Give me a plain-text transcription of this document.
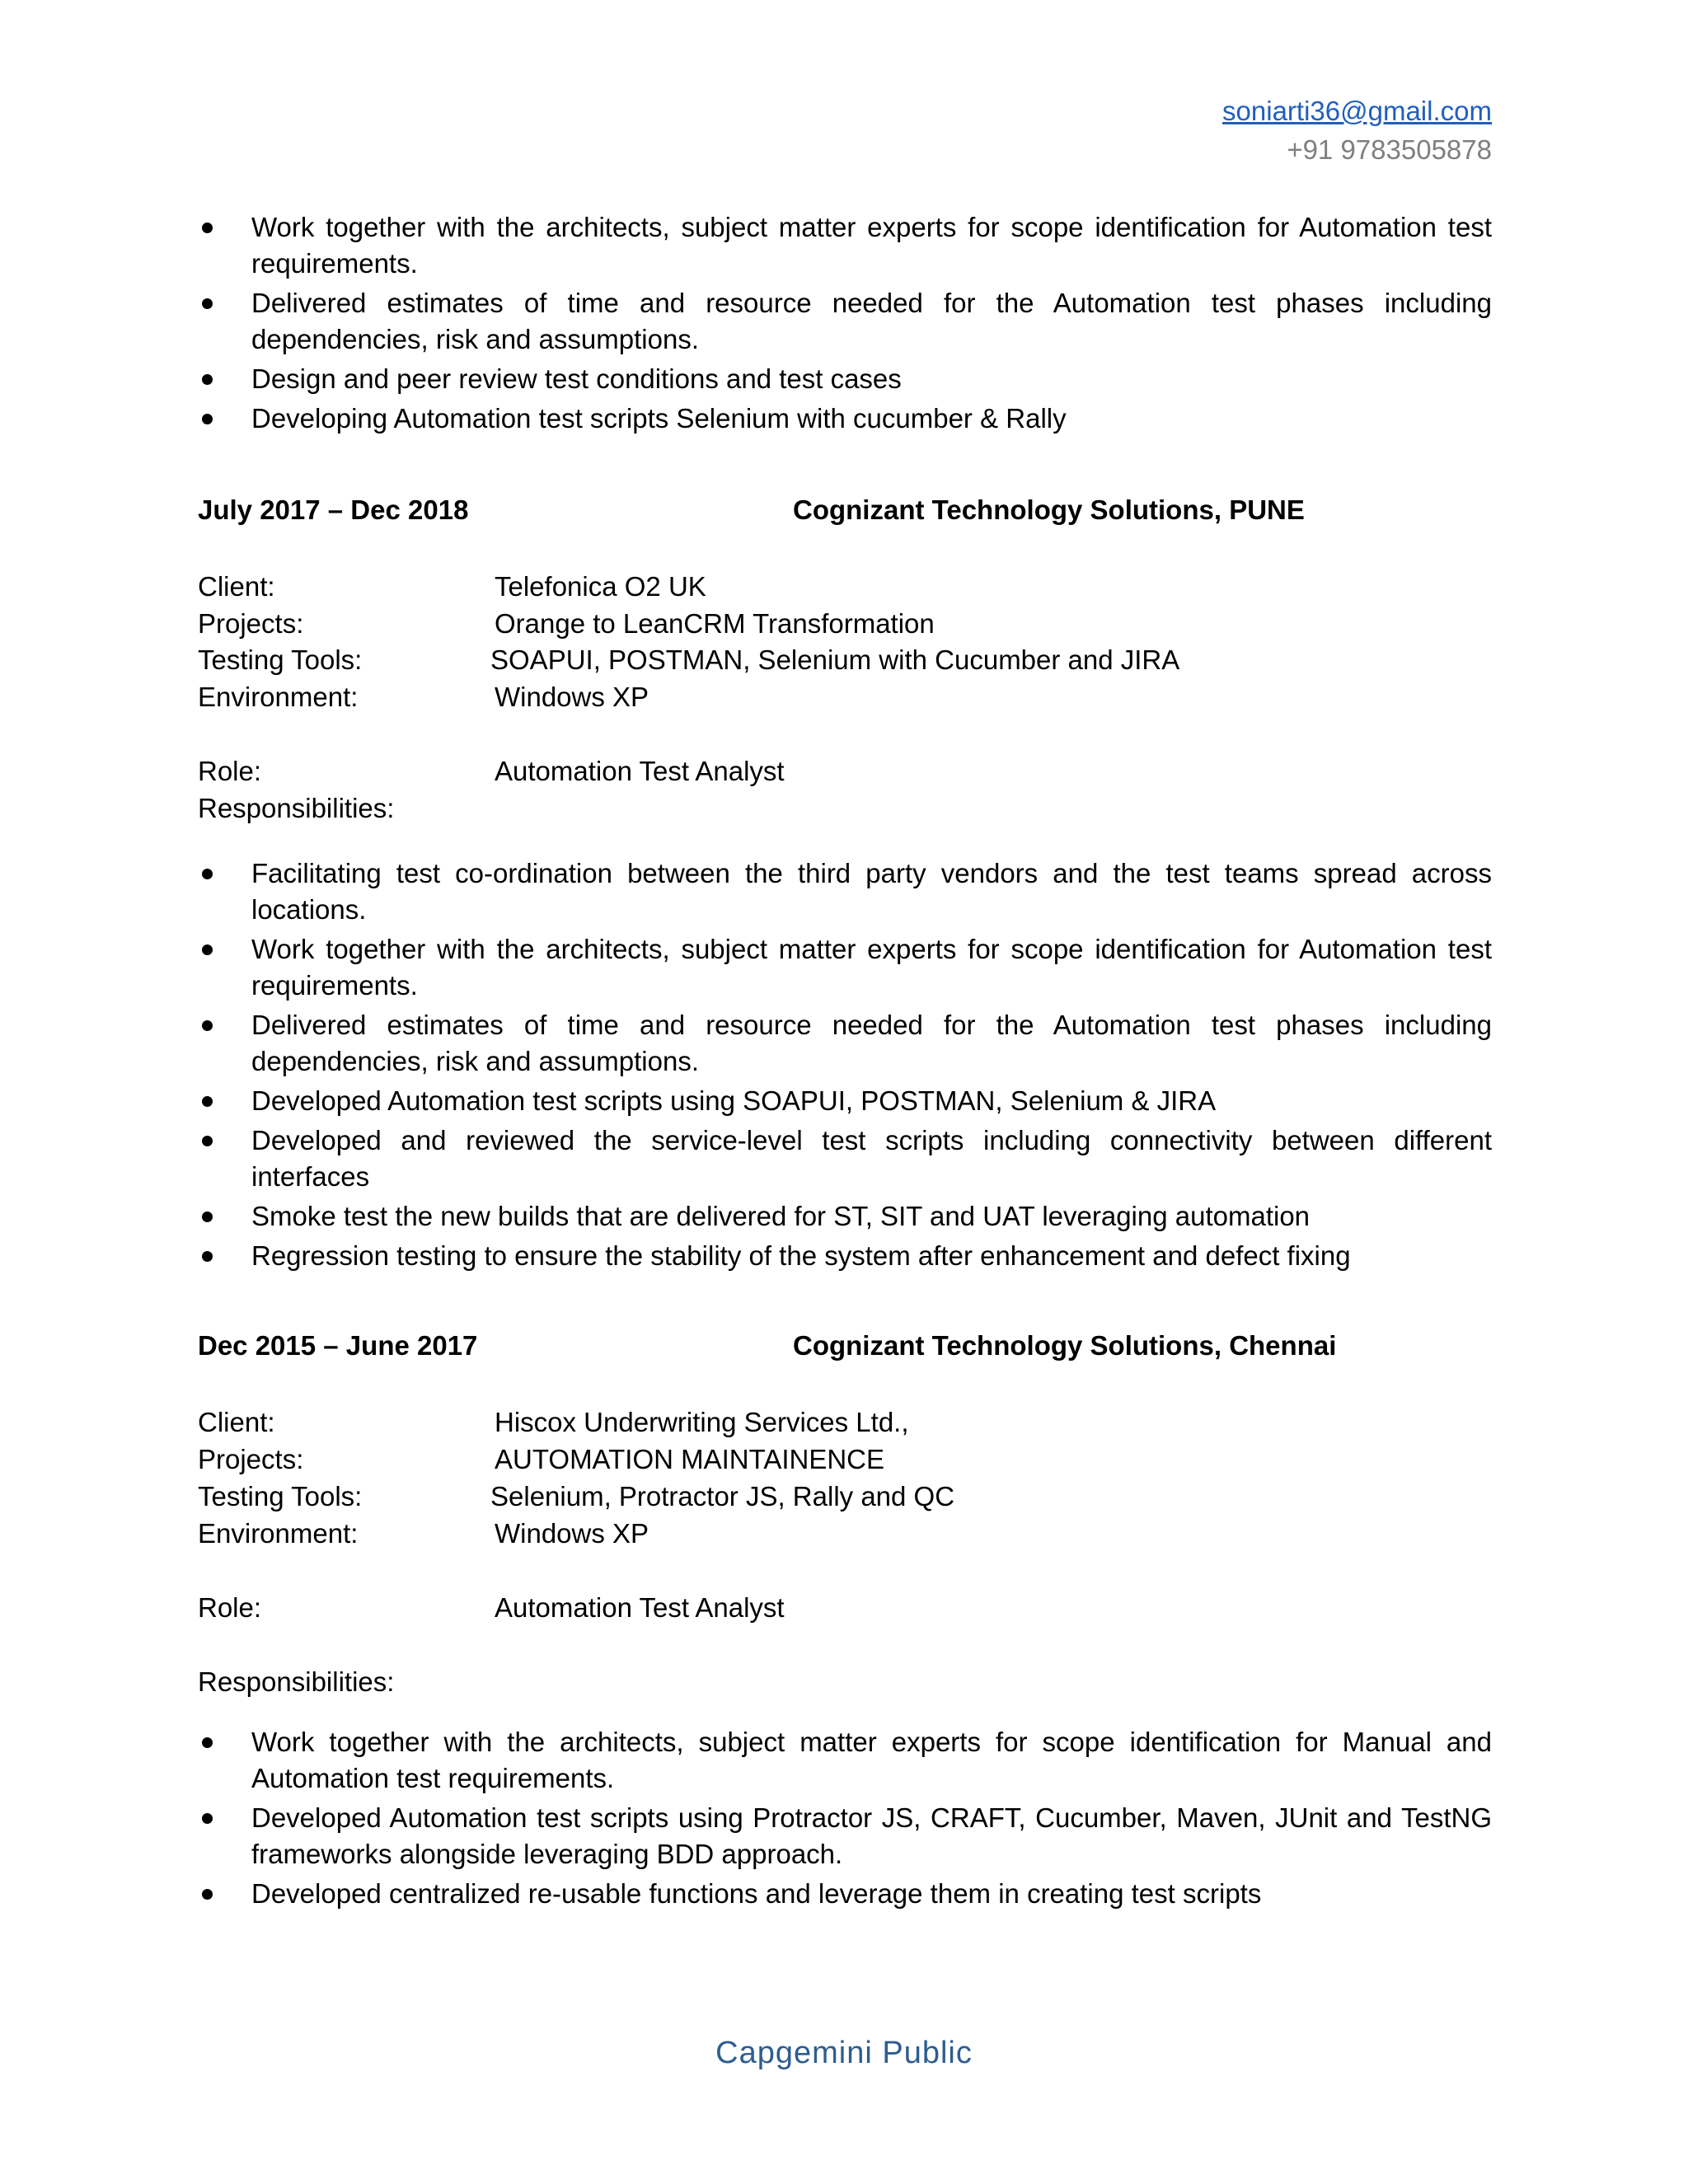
soniarti36@gmail.com
+91 9783505878
Work together with the architects, subject matter experts for scope identification for Automation test requirements.
Delivered estimates of time and resource needed for the Automation test phases including dependencies, risk and assumptions.
Design and peer review test conditions and test cases
Developing Automation test scripts Selenium with cucumber & Rally
July 2017 – Dec 2018	Cognizant Technology Solutions, PUNE
Client:	Telefonica O2 UK
Projects:	Orange to LeanCRM Transformation
Testing Tools:	SOAPUI, POSTMAN, Selenium with Cucumber and JIRA
Environment:	Windows XP
Role:	Automation Test Analyst
Responsibilities:
Facilitating test co-ordination between the third party vendors and the test teams spread across locations.
Work together with the architects, subject matter experts for scope identification for Automation test requirements.
Delivered estimates of time and resource needed for the Automation test phases including dependencies, risk and assumptions.
Developed Automation test scripts using SOAPUI, POSTMAN, Selenium & JIRA
Developed and reviewed the service-level test scripts including connectivity between different interfaces
Smoke test the new builds that are delivered for ST, SIT and UAT leveraging automation
Regression testing to ensure the stability of the system after enhancement and defect fixing
Dec 2015 – June 2017	Cognizant Technology Solutions, Chennai
Client:	Hiscox Underwriting Services Ltd.,
Projects:	AUTOMATION MAINTAINENCE
Testing Tools:	Selenium, Protractor JS, Rally and QC
Environment:	Windows XP
Role:	Automation Test Analyst
Responsibilities:
Work together with the architects, subject matter experts for scope identification for Manual and Automation test requirements.
Developed Automation test scripts using Protractor JS, CRAFT, Cucumber, Maven, JUnit and TestNG frameworks alongside leveraging BDD approach.
Developed centralized re-usable functions and leverage them in creating test scripts
Capgemini Public
